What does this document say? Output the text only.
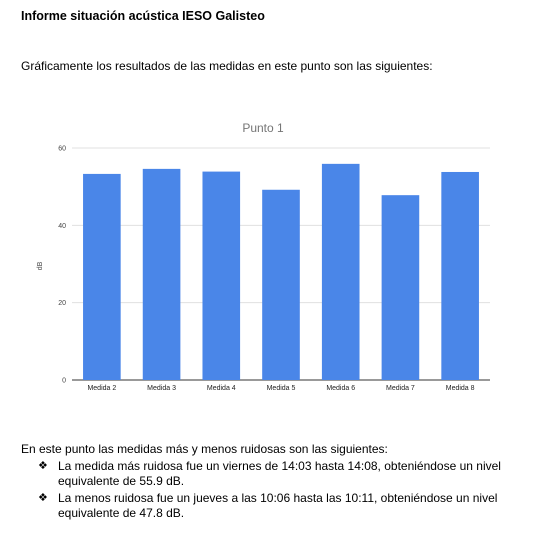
Informe situación acústica IESO Galisteo
Gráficamente los resultados de las medidas en este punto son las siguientes:
Punto 1
dB
Medida 2	Medida 3	Medida 4	Medida 5	Medida 6	Medida 7	Medida 8
0
20
40
60
En este punto las medidas más y menos ruidosas son las siguientes:
❖ La medida más ruidosa fue un viernes de 14:03 hasta 14:08, obteniéndose un nivel equivalente de 55.9 dB.
❖ La menos ruidosa fue un jueves a las 10:06 hasta las 10:11, obteniéndose un nivel equivalente de 47.8 dB.
